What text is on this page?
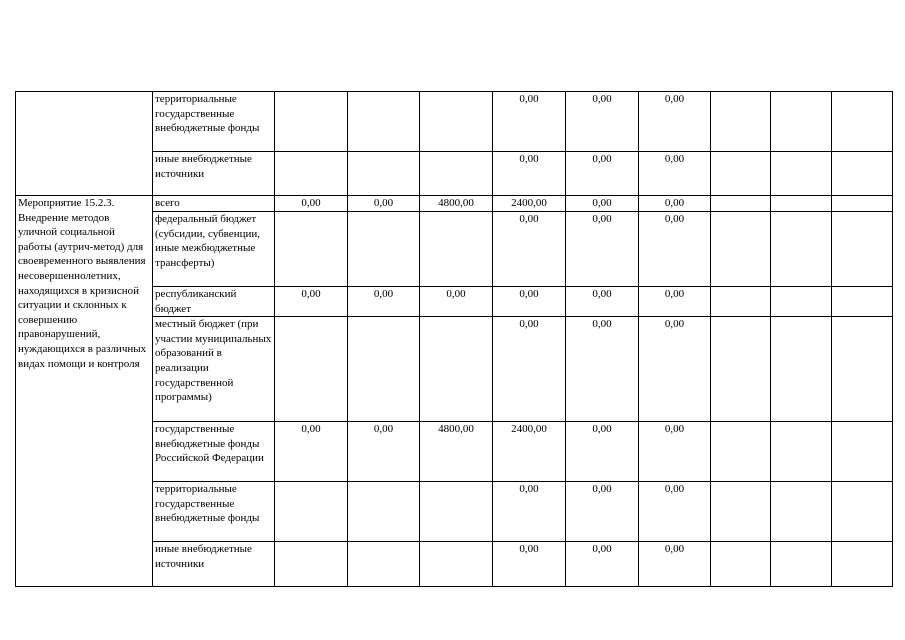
	территориальные государственные внебюджетные фонды				0,00	0,00	0,00			
	иные внебюджетные источники				0,00	0,00	0,00			
Мероприятие 15.2.3. Внедрение методов уличной социальной работы (аутрич-метод) для своевременного выявления несовершеннолетних, находящихся в кризисной ситуации и склонных к совершению правонарушений, нуждающихся в различных видах помощи и контроля	всего	0,00	0,00	4800,00	2400,00	0,00	0,00			
	федеральный бюджет (субсидии, субвенции, иные межбюджетные трансферты)				0,00	0,00	0,00			
	республиканский бюджет	0,00	0,00	0,00	0,00	0,00	0,00			
	местный бюджет (при участии муниципальных образований в реализации государственной программы)				0,00	0,00	0,00			
	государственные внебюджетные фонды Российской Федерации	0,00	0,00	4800,00	2400,00	0,00	0,00			
	территориальные государственные внебюджетные фонды				0,00	0,00	0,00			
	иные внебюджетные источники				0,00	0,00	0,00			
